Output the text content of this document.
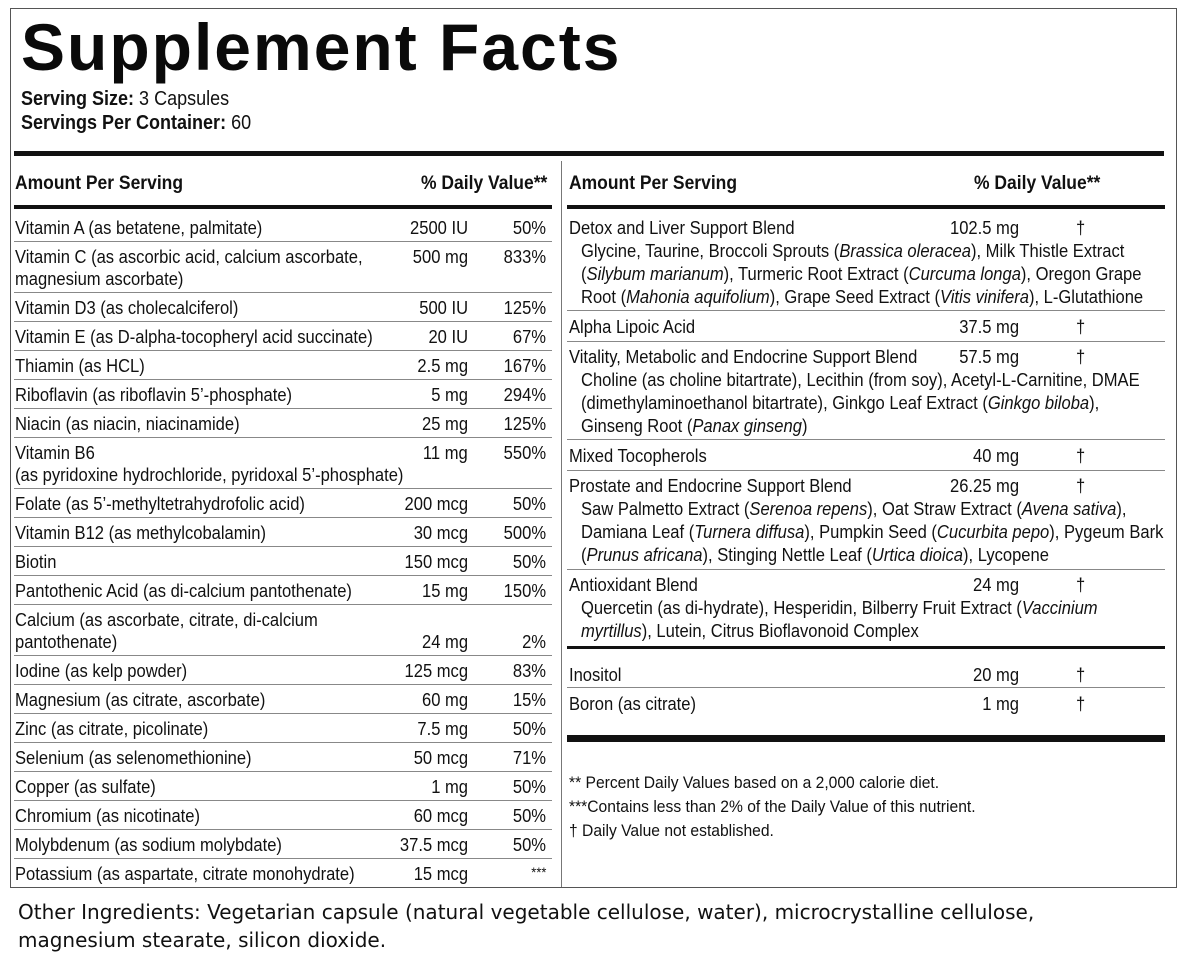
Supplement Facts
Serving Size: 3 Capsules
Servings Per Container: 60
Amount Per Serving	% Daily Value**
Vitamin A (as betatene, palmitate)	2500 IU 50%
Vitamin C (as ascorbic acid, calcium ascorbate,
magnesium ascorbate)
500 mg 833%
Vitamin D3 (as cholecalciferol)	500 IU 125%
Vitamin E (as D-alpha-tocopheryl acid succinate)	20 IU 67%
Thiamin (as HCL)	2.5 mg 167%
Riboflavin (as riboflavin 5’-phosphate)	5 mg 294%
Niacin (as niacin, niacinamide)	25 mg 125%
Vitamin B6
(as pyridoxine hydrochloride, pyridoxal 5’-phosphate)
11 mg 550%
Folate (as 5’-methyltetrahydrofolic acid)	200 mcg 50%
Vitamin B12 (as methylcobalamin)	30 mcg 500%
Biotin	150 mcg 50%
Pantothenic Acid (as di-calcium pantothenate)	15 mg 150%
Calcium (as ascorbate, citrate, di-calcium
pantothenate)	24 mg	2%
Iodine (as kelp powder)	125 mcg 83%
Magnesium (as citrate, ascorbate)	60 mg 15%
Zinc (as citrate, picolinate)	7.5 mg 50%
Selenium (as selenomethionine)	50 mcg 71%
Copper (as sulfate)	1 mg 50%
Chromium (as nicotinate)	60 mcg 50%
Molybdenum (as sodium molybdate)	37.5 mcg 50%
Potassium (as aspartate, citrate monohydrate)	15 mcg	***
Amount Per Serving	% Daily Value**
Detox and Liver Support Blend	102.5 mg	†
Glycine, Taurine, Broccoli Sprouts (Brassica oleracea), Milk Thistle Extract
(Silybum marianum), Turmeric Root Extract (Curcuma longa), Oregon Grape
Root (Mahonia aquifolium), Grape Seed Extract (Vitis vinifera), L-Glutathione
Alpha Lipoic Acid	37.5 mg	†
Vitality, Metabolic and Endocrine Support Blend 57.5 mg	†
Choline (as choline bitartrate), Lecithin (from soy), Acetyl-L-Carnitine, DMAE
(dimethylaminoethanol bitartrate), Ginkgo Leaf Extract (Ginkgo biloba),
Ginseng Root (Panax ginseng)
Mixed Tocopherols	40 mg	†
Prostate and Endocrine Support Blend	26.25 mg	†
Saw Palmetto Extract (Serenoa repens), Oat Straw Extract (Avena sativa),
Damiana Leaf (Turnera diffusa), Pumpkin Seed (Cucurbita pepo), Pygeum Bark
(Prunus africana), Stinging Nettle Leaf (Urtica dioica), Lycopene
Antioxidant Blend	24 mg	†
Quercetin (as di-hydrate), Hesperidin, Bilberry Fruit Extract (Vaccinium
myrtillus), Lutein, Citrus Bioflavonoid Complex
Inositol	20 mg	†
Boron (as citrate)	1 mg	†
** Percent Daily Values based on a 2,000 calorie diet.
***Contains less than 2% of the Daily Value of this nutrient.
† Daily Value not established.
Other Ingredients: Vegetarian capsule (natural vegetable cellulose, water), microcrystalline cellulose,
magnesium stearate, silicon dioxide.
